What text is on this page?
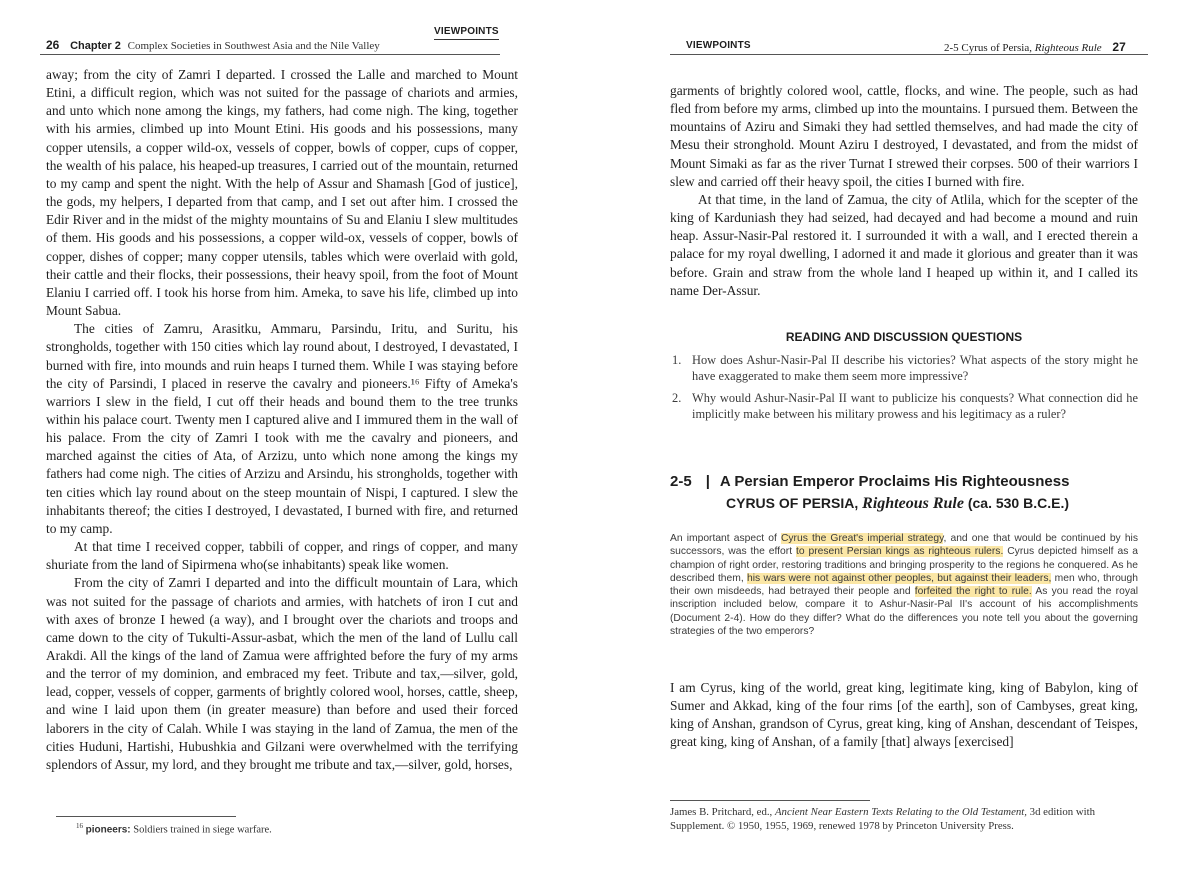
26 Chapter 2 Complex Societies in Southwest Asia and the Nile Valley
VIEWPOINTS

away; from the city of Zamri I departed. I crossed the Lalle and marched to Mount Etini, a difficult region, which was not suited for the passage of chariots and armies, and unto which none among the kings, my fathers, had come nigh. The king, together with his armies, climbed up into Mount Etini. His goods and his possessions, many copper utensils, a copper wild-ox, vessels of copper, bowls of copper, cups of copper, the wealth of his palace, his heaped-up treasures, I carried out of the mountain, returned to my camp and spent the night. With the help of Assur and Shamash [God of justice], the gods, my helpers, I departed from that camp, and I set out after him. I crossed the Edir River and in the midst of the mighty mountains of Su and Elaniu I slew multitudes of them. His goods and his possessions, a copper wild-ox, vessels of copper, bowls of copper, dishes of copper; many copper utensils, tables which were overlaid with gold, their cattle and their flocks, their possessions, their heavy spoil, from the foot of Mount Elaniu I carried off. I took his horse from him. Ameka, to save his life, climbed up into Mount Sabua.

The cities of Zamru, Arasitku, Ammaru, Parsindu, Iritu, and Suritu, his strongholds, together with 150 cities which lay round about, I destroyed, I devastated, I burned with fire, into mounds and ruin heaps I turned them. While I was staying before the city of Parsindi, I placed in reserve the cavalry and pioneers.¹⁶ Fifty of Ameka's warriors I slew in the field, I cut off their heads and bound them to the tree trunks within his palace court. Twenty men I captured alive and I immured them in the wall of his palace. From the city of Zamri I took with me the cavalry and pioneers, and marched against the cities of Ata, of Arzizu, unto which none among the kings my fathers had come nigh. The cities of Arzizu and Arsindu, his strongholds, together with ten cities which lay round about on the steep mountain of Nispi, I captured. I slew the inhabitants thereof; the cities I destroyed, I devastated, I burned with fire, and returned to my camp.

At that time I received copper, tabbili of copper, and rings of copper, and many shuriate from the land of Sipirmena who(se inhabitants) speak like women.

From the city of Zamri I departed and into the difficult mountain of Lara, which was not suited for the passage of chariots and armies, with hatchets of iron I cut and with axes of bronze I hewed (a way), and I brought over the chariots and troops and came down to the city of Tukulti-Assur-asbat, which the men of the land of Lullu call Arakdi. All the kings of the land of Zamua were affrighted before the fury of my arms and the terror of my dominion, and embraced my feet. Tribute and tax,—silver, gold, lead, copper, vessels of copper, garments of brightly colored wool, horses, cattle, sheep, and wine I laid upon them (in greater measure) than before and used their forced laborers in the city of Calah. While I was staying in the land of Zamua, the men of the cities Huduni, Hartishi, Hubushkia and Gilzani were overwhelmed with the terrifying splendors of Assur, my lord, and they brought me tribute and tax,—silver, gold, horses,

$^{16}$ pioneers: Soldiers trained in siege warfare.
VIEWPOINTS	2-5 Cyrus of Persia, Righteous Rule 27

garments of brightly colored wool, cattle, flocks, and wine. The people, such as had fled from before my arms, climbed up into the mountains. I pursued them. Between the mountains of Aziru and Simaki they had settled themselves, and had made the city of Mesu their stronghold. Mount Aziru I destroyed, I devastated, and from the midst of Mount Simaki as far as the river Turnat I strewed their corpses. 500 of their warriors I slew and carried off their heavy spoil, the cities I burned with fire.

At that time, in the land of Zamua, the city of Atlila, which for the scepter of the king of Karduniash they had seized, had decayed and had become a mound and ruin heap. Assur-Nasir-Pal restored it. I surrounded it with a wall, and I erected therein a palace for my royal dwelling, I adorned it and made it glorious and greater than it was before. Grain and straw from the whole land I heaped up within it, and I called its name Der-Assur.

READING AND DISCUSSION QUESTIONS
1. How does Ashur-Nasir-Pal II describe his victories? What aspects of the story might he have exaggerated to make them seem more impressive?
2. Why would Ashur-Nasir-Pal II want to publicize his conquests? What connection did he implicitly make between his military prowess and his legitimacy as a ruler?
2-5 | A Persian Emperor Proclaims His Righteousness
CYRUS OF PERSIA, Righteous Rule (ca. 530 B.C.E.)
An important aspect of Cyrus the Great's imperial strategy, and one that would be continued by his successors, was the effort to present Persian kings as righteous rulers. Cyrus depicted himself as a champion of right order, restoring traditions and bringing prosperity to the regions he conquered. As he described them, his wars were not against other peoples, but against their leaders, men who, through their own misdeeds, had betrayed their people and forfeited the right to rule. As you read the royal inscription included below, compare it to Ashur-Nasir-Pal II's account of his accomplishments (Document 2-4). How do they differ? What do the differences you note tell you about the governing strategies of the two emperors?

I am Cyrus, king of the world, great king, legitimate king, king of Babylon, king of Sumer and Akkad, king of the four rims [of the earth], son of Cambyses, great king, king of Anshan, grandson of Cyrus, great king, king of Anshan, descendant of Teispes, great king, king of Anshan, of a family [that] always [exercised]

James B. Pritchard, ed., Ancient Near Eastern Texts Relating to the Old Testament, 3d edition with Supplement. © 1950, 1955, 1969, renewed 1978 by Princeton University Press.
